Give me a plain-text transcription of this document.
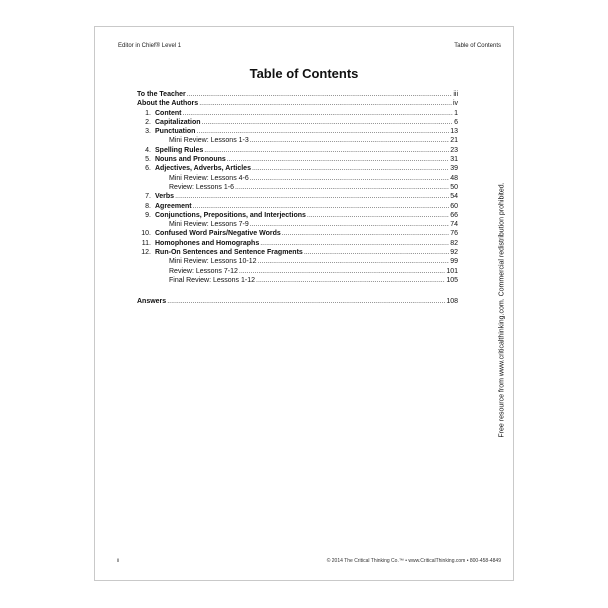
Editor in Chief® Level 1	Table of Contents
Table of Contents
To the Teacher .....	iii
About the Authors .....	iv
1. Content .....	1
2. Capitalization .....	6
3. Punctuation .....	13
Mini Review: Lessons 1-3 .....	21
4. Spelling Rules .....	23
5. Nouns and Pronouns .....	31
6. Adjectives, Adverbs, Articles .....	39
Mini Review: Lessons 4-6 .....	48
Review: Lessons 1-6 .....	50
7. Verbs .....	54
8. Agreement .....	60
9. Conjunctions, Prepositions, and Interjections .....	66
Mini Review: Lessons 7-9 .....	74
10. Confused Word Pairs/Negative Words .....	76
11. Homophones and Homographs .....	82
12. Run-On Sentences and Sentence Fragments .....	92
Mini Review: Lessons 10-12 .....	99
Review: Lessons 7-12 .....	101
Final Review: Lessons 1-12 .....	105
Answers .....	108
ii	© 2014 The Critical Thinking Co.™ • www.CriticalThinking.com • 800-458-4849
Free resource from www.criticalthinking.com. Commercial redistribution prohibited.
